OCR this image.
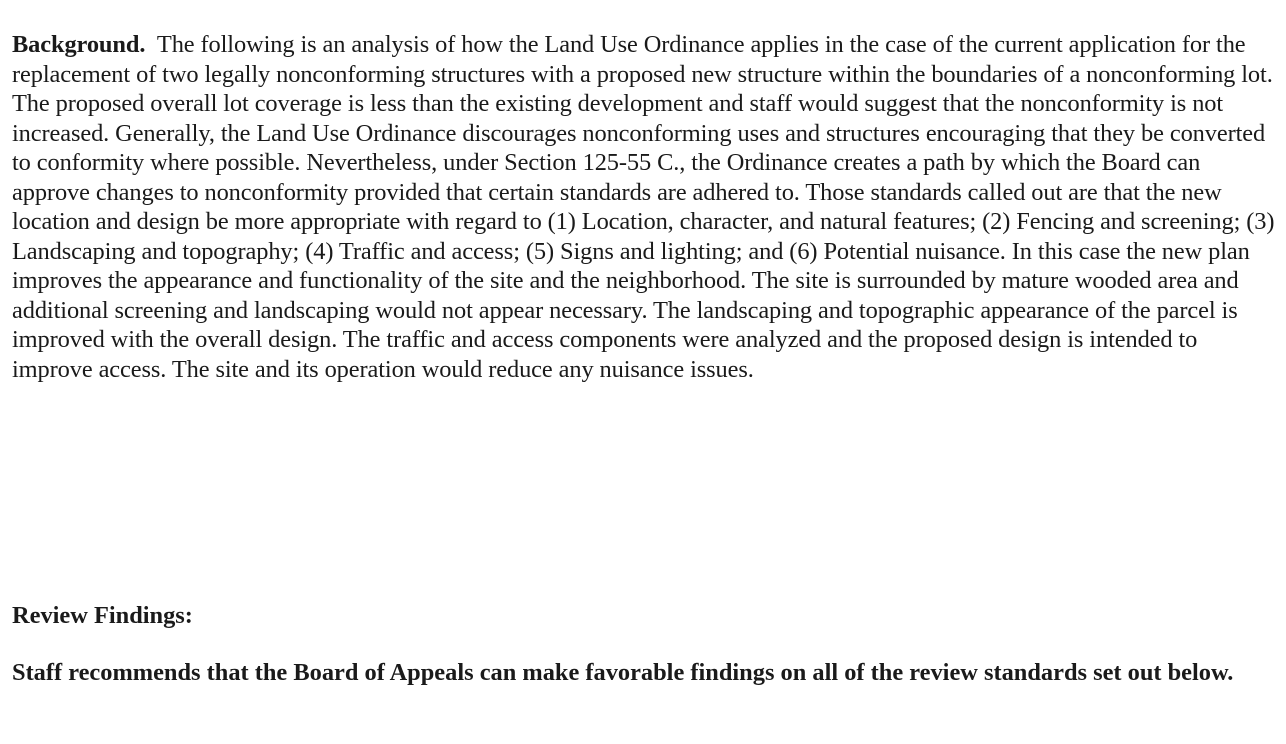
Background. The following is an analysis of how the Land Use Ordinance applies in the case of the current application for the replacement of two legally nonconforming structures with a proposed new structure within the boundaries of a nonconforming lot. The proposed overall lot coverage is less than the existing development and staff would suggest that the nonconformity is not increased. Generally, the Land Use Ordinance discourages nonconforming uses and structures encouraging that they be converted to conformity where possible. Nevertheless, under Section 125-55 C., the Ordinance creates a path by which the Board can approve changes to nonconformity provided that certain standards are adhered to. Those standards called out are that the new location and design be more appropriate with regard to (1) Location, character, and natural features; (2) Fencing and screening; (3) Landscaping and topography; (4) Traffic and access; (5) Signs and lighting; and (6) Potential nuisance. In this case the new plan improves the appearance and functionality of the site and the neighborhood. The site is surrounded by mature wooded area and additional screening and landscaping would not appear necessary. The landscaping and topographic appearance of the parcel is improved with the overall design. The traffic and access components were analyzed and the proposed design is intended to improve access. The site and its operation would reduce any nuisance issues.

Review Findings:

Staff recommends that the Board of Appeals can make favorable findings on all of the review standards set out below.
